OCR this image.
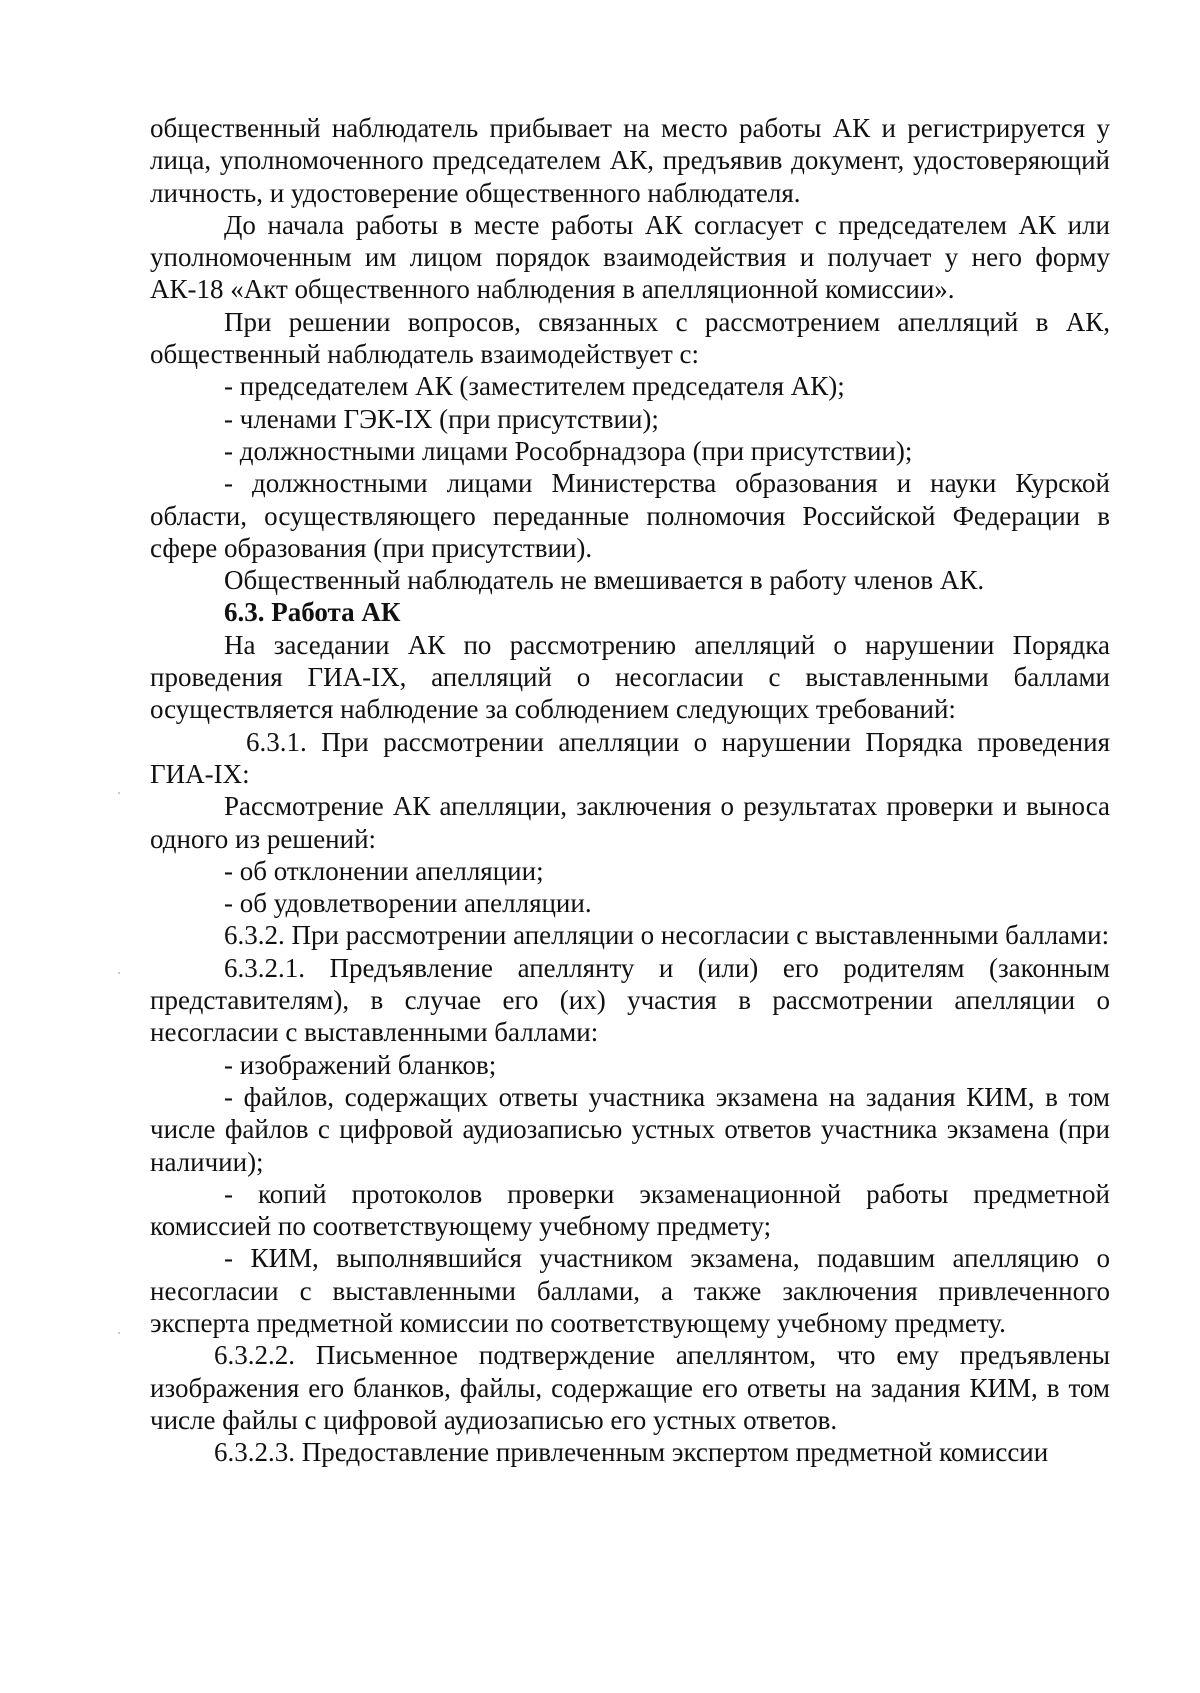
общественный наблюдатель прибывает на место работы АК и регистрируется у лица, уполномоченного председателем АК, предъявив документ, удостоверяющий личность, и удостоверение общественного наблюдателя.

До начала работы в месте работы АК согласует с председателем АК или уполномоченным им лицом порядок взаимодействия и получает у него форму АК-18 «Акт общественного наблюдения в апелляционной комиссии».

При решении вопросов, связанных с рассмотрением апелляций в АК, общественный наблюдатель взаимодействует с:

- председателем АК (заместителем председателя АК);

- членами ГЭК-IX (при присутствии);

- должностными лицами Рособрнадзора (при присутствии);

- должностными лицами Министерства образования и науки Курской области, осуществляющего переданные полномочия Российской Федерации в сфере образования (при присутствии).

Общественный наблюдатель не вмешивается в работу членов АК.

6.3. Работа АК

На заседании АК по рассмотрению апелляций о нарушении Порядка проведения ГИА-IX, апелляций о несогласии с выставленными баллами осуществляется наблюдение за соблюдением следующих требований:

6.3.1. При рассмотрении апелляции о нарушении Порядка проведения ГИА-IX:

Рассмотрение АК апелляции, заключения о результатах проверки и выноса одного из решений:

- об отклонении апелляции;

- об удовлетворении апелляции.

6.3.2. При рассмотрении апелляции о несогласии с выставленными баллами:

6.3.2.1. Предъявление апеллянту и (или) его родителям (законным представителям), в случае его (их) участия в рассмотрении апелляции о несогласии с выставленными баллами:

- изображений бланков;

- файлов, содержащих ответы участника экзамена на задания КИМ, в том числе файлов с цифровой аудиозаписью устных ответов участника экзамена (при наличии);

- копий протоколов проверки экзаменационной работы предметной комиссией по соответствующему учебному предмету;

- КИМ, выполнявшийся участником экзамена, подавшим апелляцию о несогласии с выставленными баллами, а также заключения привлеченного эксперта предметной комиссии по соответствующему учебному предмету.

6.3.2.2. Письменное подтверждение апеллянтом, что ему предъявлены изображения его бланков, файлы, содержащие его ответы на задания КИМ, в том числе файлы с цифровой аудиозаписью его устных ответов.

6.3.2.3. Предоставление привлеченным экспертом предметной комиссии
